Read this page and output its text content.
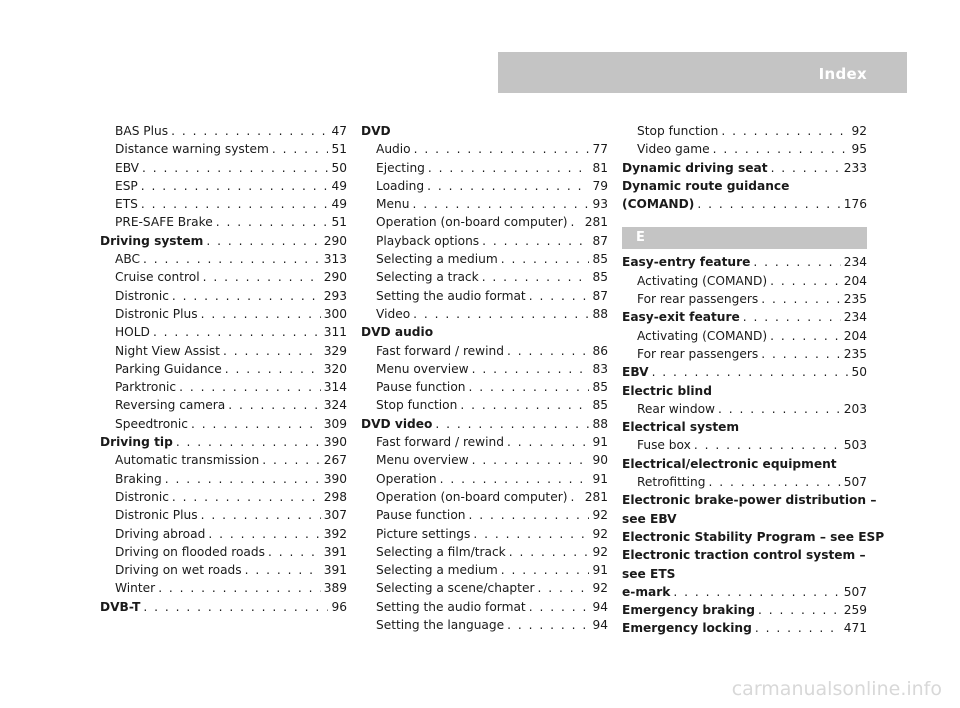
Index
BAS Plus . . .	47
Distance warning system . . .	51
EBV . . .	50
ESP . . .	49
ETS . . .	49
PRE-SAFE Brake . . .	51
Driving system . . .	290
ABC . . .	313
Cruise control . . .	290
Distronic . . .	293
Distronic Plus . . .	300
HOLD . . .	311
Night View Assist . . .	329
Parking Guidance . . .	320
Parktronic . . .	314
Reversing camera . . .	324
Speedtronic . . .	309
Driving tip . . .	390
Automatic transmission . . .	267
Braking . . .	390
Distronic . . .	298
Distronic Plus . . .	307
Driving abroad . . .	392
Driving on flooded roads . . .	391
Driving on wet roads . . .	391
Winter . . .	389
DVB-T . . .	96
DVD
Audio . . .	77
Ejecting . . .	81
Loading . . .	79
Menu . . .	93
Operation (on-board computer) . . . 281
Playback options . . .	87
Selecting a medium . . .	85
Selecting a track . . .	85
Setting the audio format . . .	87
Video . . .	88
DVD audio
Fast forward / rewind . . .	86
Menu overview . . .	83
Pause function . . .	85
Stop function . . .	85
DVD video . . .	88
Fast forward / rewind . . .	91
Menu overview . . .	90
Operation . . .	91
Operation (on-board computer) . . . 281
Pause function . . .	92
Picture settings . . .	92
Selecting a film/track . . .	92
Selecting a medium . . .	91
Selecting a scene/chapter . . .	92
Setting the audio format . . .	94
Setting the language . . .	94
Stop function . . .	92
Video game . . .	95
Dynamic driving seat . . .	233
Dynamic route guidance
(COMAND) . . .	176
E
Easy-entry feature . . .	234
Activating (COMAND) . . .	204
For rear passengers . . .	235
Easy-exit feature . . .	234
Activating (COMAND) . . .	204
For rear passengers . . .	235
EBV . . .	50
Electric blind
Rear window . . .	203
Electrical system
Fuse box . . .	503
Electrical/electronic equipment
Retrofitting . . .	507
Electronic brake-power distribution –
see EBV
Electronic Stability Program – see ESP
Electronic traction control system –
see ETS
e-mark . . .	507
Emergency braking . . .	259
Emergency locking . . .	471
carmanualsonline.info
